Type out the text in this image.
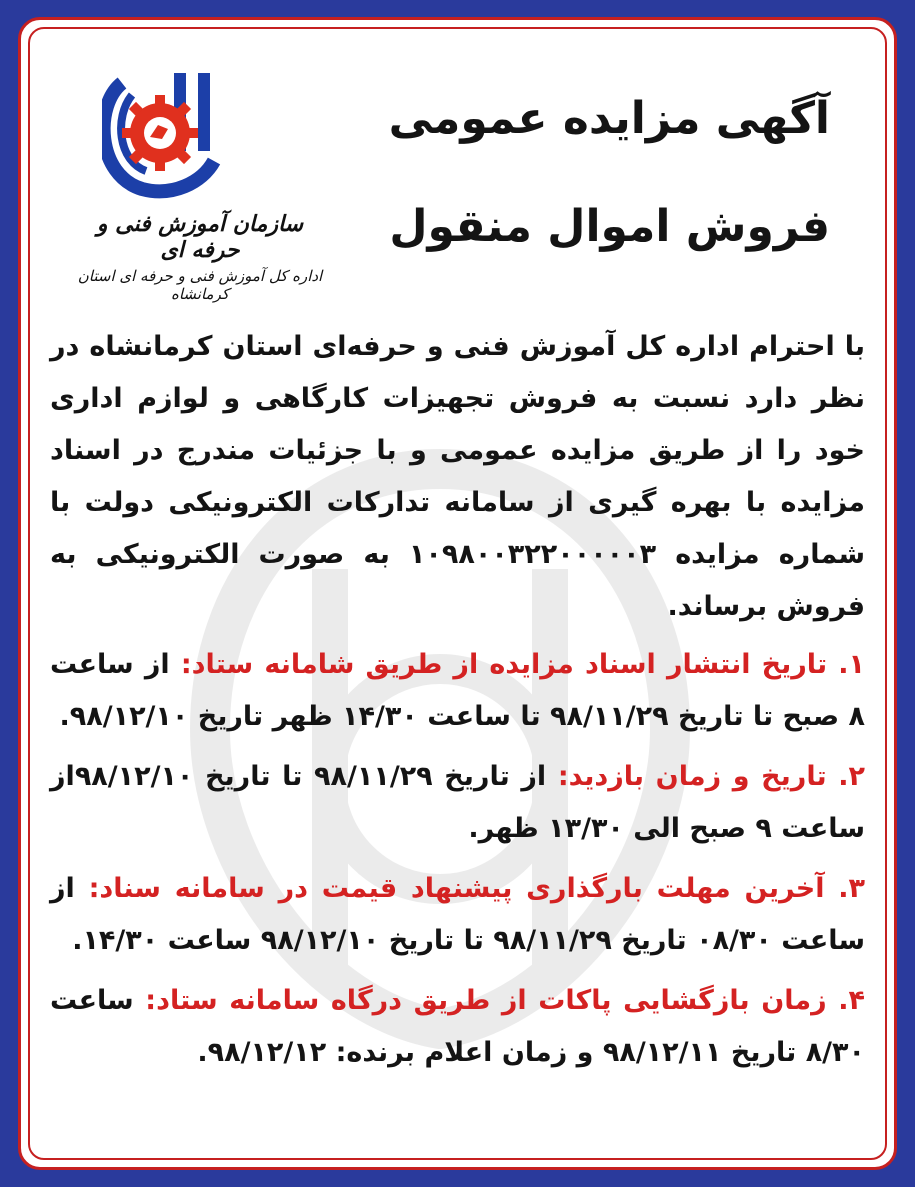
سازمان آموزش فنی و حرفه ای
اداره کل آموزش فنی و حرفه ای استان کرمانشاه
آگهی مزایده عمومی
فروش اموال منقول

با احترام اداره کل آموزش فنی و حرفه‌ای استان کرمانشاه در نظر دارد نسبت به فروش تجهیزات کارگاهی و لوازم اداری خود را از طریق مزایده عمومی و با جزئیات مندرج در اسناد مزایده با بهره گیری از سامانه تدارکات الکترونیکی دولت با شماره مزایده ۱۰۹۸۰۰۳۲۲۰۰۰۰۰۳ به صورت الکترونیکی به فروش برساند.

۱. تاریخ انتشار اسناد مزایده از طریق شامانه ستاد: از ساعت ۸ صبح تا تاریخ ۹۸/۱۱/۲۹ تا ساعت ۱۴/۳۰ ظهر تاریخ ۹۸/۱۲/۱۰.

۲. تاریخ و زمان بازدید: از تاریخ ۹۸/۱۱/۲۹ تا تاریخ ۹۸/۱۲/۱۰از ساعت ۹ صبح الی ۱۳/۳۰ ظهر.

۳. آخرین مهلت بارگذاری پیشنهاد قیمت در سامانه سناد: از ساعت ۰۸/۳۰ تاریخ ۹۸/۱۱/۲۹ تا تاریخ ۹۸/۱۲/۱۰ ساعت ۱۴/۳۰.

۴. زمان بازگشایی پاکات از طریق درگاه سامانه ستاد: ساعت ۸/۳۰ تاریخ ۹۸/۱۲/۱۱ و زمان اعلام برنده: ۹۸/۱۲/۱۲.
